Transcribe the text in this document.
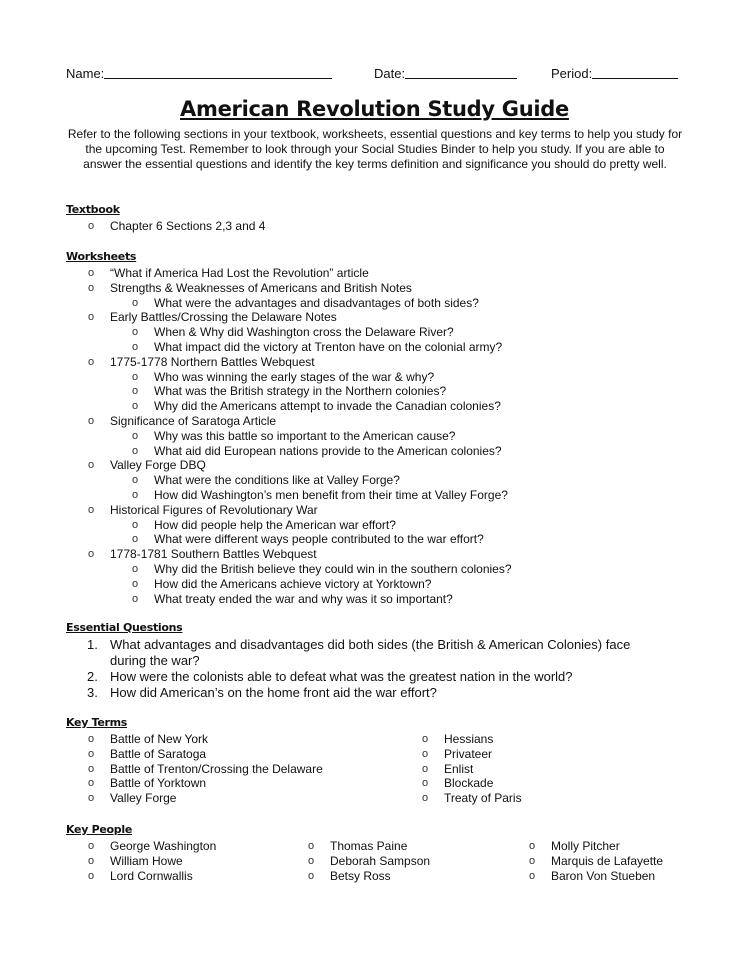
Name:	Date:	Period:
American Revolution Study Guide
Refer to the following sections in your textbook, worksheets, essential questions and key terms to help you study for the upcoming Test. Remember to look through your Social Studies Binder to help you study. If you are able to answer the essential questions and identify the key terms definition and significance you should do pretty well.
Textbook
o Chapter 6 Sections 2,3 and 4
Worksheets
o “What if America Had Lost the Revolution” article
o Strengths & Weaknesses of Americans and British Notes
o What were the advantages and disadvantages of both sides?
o Early Battles/Crossing the Delaware Notes
o When & Why did Washington cross the Delaware River?
o What impact did the victory at Trenton have on the colonial army?
o 1775-1778 Northern Battles Webquest
o Who was winning the early stages of the war & why?
o What was the British strategy in the Northern colonies?
o Why did the Americans attempt to invade the Canadian colonies?
o Significance of Saratoga Article
o Why was this battle so important to the American cause?
o What aid did European nations provide to the American colonies?
o Valley Forge DBQ
o What were the conditions like at Valley Forge?
o How did Washington’s men benefit from their time at Valley Forge?
o Historical Figures of Revolutionary War
o How did people help the American war effort?
o What were different ways people contributed to the war effort?
o 1778-1781 Southern Battles Webquest
o Why did the British believe they could win in the southern colonies?
o How did the Americans achieve victory at Yorktown?
o What treaty ended the war and why was it so important?
Essential Questions
1. What advantages and disadvantages did both sides (the British & American Colonies) face during the war?
2. How were the colonists able to defeat what was the greatest nation in the world?
3. How did American’s on the home front aid the war effort?
Key Terms
o Battle of New York
o Battle of Saratoga
o Battle of Trenton/Crossing the Delaware
o Battle of Yorktown
o Valley Forge
o Hessians
o Privateer
o Enlist
o Blockade
o Treaty of Paris
Key People
o George Washington
o William Howe
o Lord Cornwallis
o Thomas Paine
o Deborah Sampson
o Betsy Ross
o Molly Pitcher
o Marquis de Lafayette
o Baron Von Stueben
